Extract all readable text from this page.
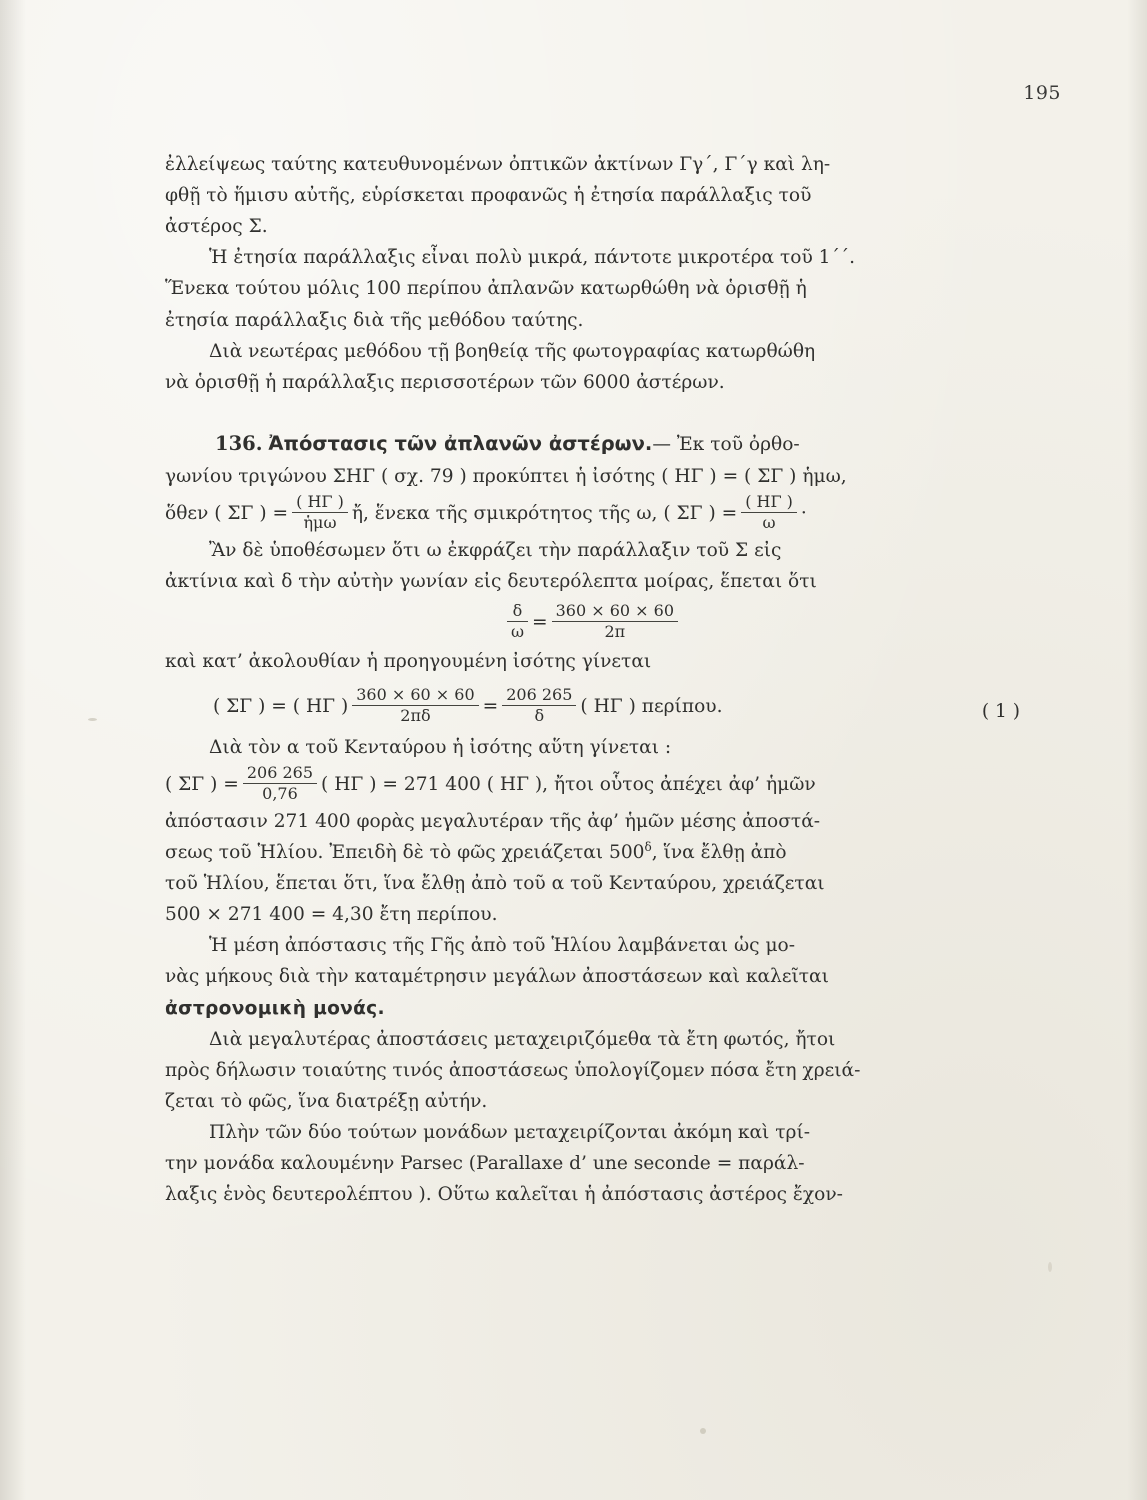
195

ἐλλείψεως ταύτης κατευθυνομένων ὀπτικῶν ἀκτίνων Γγ΄, Γ΄γ καὶ λη-

φθῇ τὸ ἥμισυ αὐτῆς, εὑρίσκεται προφανῶς ἡ ἐτησία παράλλαξις τοῦ

ἀστέρος Σ.

Ἡ ἐτησία παράλλαξις εἶναι πολὺ μικρά, πάντοτε μικροτέρα τοῦ 1΄΄.

Ἕνεκα τούτου μόλις 100 περίπου ἀπλανῶν κατωρθώθη νὰ ὁρισθῇ ἡ

ἐτησία παράλλαξις διὰ τῆς μεθόδου ταύτης.

Διὰ νεωτέρας μεθόδου τῇ βοηθείᾳ τῆς φωτογραφίας κατωρθώθη

νὰ ὁρισθῇ ἡ παράλλαξις περισσοτέρων τῶν 6000 ἀστέρων.

136. Ἀπόστασις τῶν ἀπλανῶν ἀστέρων.— Ἐκ τοῦ ὀρθο-

γωνίου τριγώνου ΣΗΓ ( σχ. 79 ) προκύπτει ἡ ἰσότης ( ΗΓ ) = ( ΣΓ ) ἡμω,

ὅθεν ( ΣΓ ) = $\frac{( H\Gamma )}{\text{ἡμω}}$ ἤ, ἕνεκα τῆς σμικρότητος τῆς ω, ( ΣΓ ) = $\frac{( H\Gamma )}{\omega}$ ·

Ἂν δὲ ὑποθέσωμεν ὅτι ω ἐκφράζει τὴν παράλλαξιν τοῦ Σ εἰς

ἀκτίνια καὶ δ τὴν αὐτὴν γωνίαν εἰς δευτερόλεπτα μοίρας, ἕπεται ὅτι

$\frac{\delta}{\omega} = \frac{360 \times 60 \times 60}{2\pi}$

καὶ κατ’ ἀκολουθίαν ἡ προηγουμένη ἰσότης γίνεται

( ΣΓ ) = ( ΗΓ ) $\frac{360 \times 60 \times 60}{2\pi\delta} = \frac{206 265}{\delta}$ ( ΗΓ ) περίπου.	( 1 )

Διὰ τὸν α τοῦ Κενταύρου ἡ ἰσότης αὕτη γίνεται :

( ΣΓ ) = $\frac{206 265}{0,76}$ ( ΗΓ ) = 271 400 ( ΗΓ ), ἤτοι οὗτος ἀπέχει ἀφ’ ἡμῶν

ἀπόστασιν 271 400 φορὰς μεγαλυτέραν τῆς ἀφ’ ἡμῶν μέσης ἀποστά-

σεως τοῦ Ἡλίου. Ἐπειδὴ δὲ τὸ φῶς χρειάζεται $500^\delta$, ἵνα ἔλθῃ ἀπὸ

τοῦ Ἡλίου, ἕπεται ὅτι, ἵνα ἔλθῃ ἀπὸ τοῦ α τοῦ Κενταύρου, χρειάζεται

500 × 271 400 = 4,30 ἔτη περίπου.

Ἡ μέση ἀπόστασις τῆς Γῆς ἀπὸ τοῦ Ἡλίου λαμβάνεται ὡς μο-

νὰς μήκους διὰ τὴν καταμέτρησιν μεγάλων ἀποστάσεων καὶ καλεῖται

ἀστρονομικὴ μονάς.

Διὰ μεγαλυτέρας ἀποστάσεις μεταχειριζόμεθα τὰ ἔτη φωτός, ἤτοι

πρὸς δήλωσιν τοιαύτης τινός ἀποστάσεως ὑπολογίζομεν πόσα ἔτη χρειά-

ζεται τὸ φῶς, ἵνα διατρέξῃ αὐτήν.

Πλὴν τῶν δύο τούτων μονάδων μεταχειρίζονται ἀκόμη καὶ τρί-

την μονάδα καλουμένην Parsec (Parallaxe d’ une seconde = παράλ-

λαξις ἑνὸς δευτερολέπτου ). Οὕτω καλεῖται ἡ ἀπόστασις ἀστέρος ἔχον-
